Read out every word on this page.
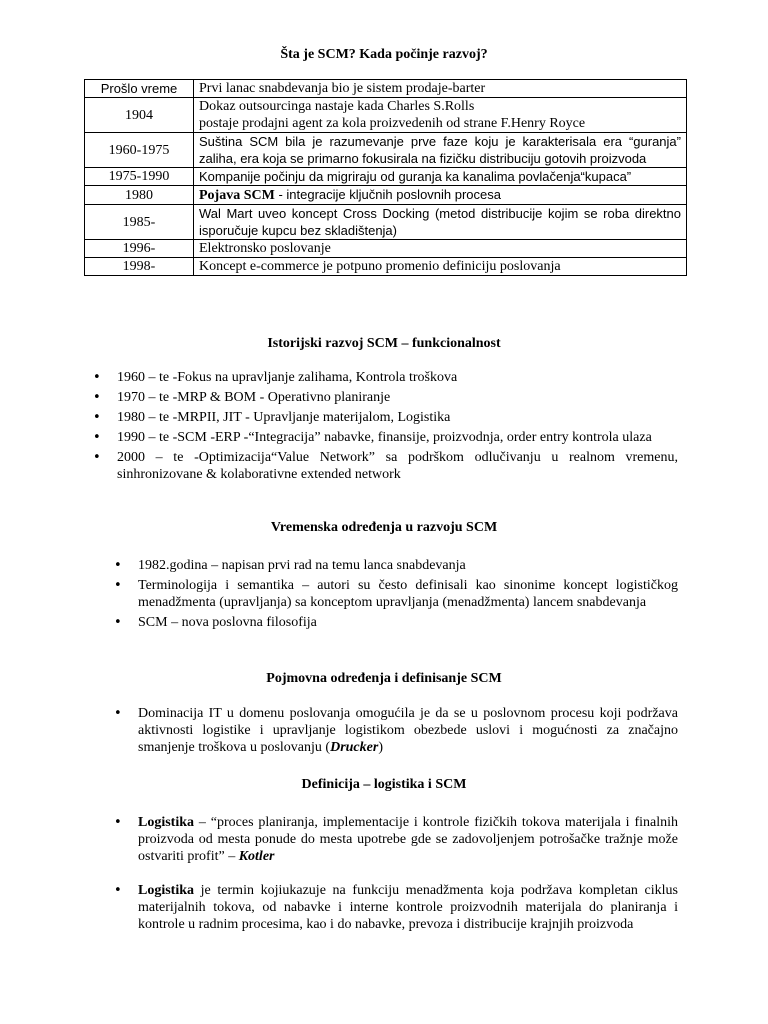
Šta je SCM? Kada počinje razvoj?
Prošlo vreme	Prvi lanac snabdevanja bio je sistem prodaje-barter
1904	Dokaz outsourcinga nastaje kada Charles S.Rolls
postaje prodajni agent za kola proizvedenih od strane F.Henry Royce

1960-1975	Suština SCM bila je razumevanje prve faze koju je karakterisala era “guranja” zaliha, era koja se primarno fokusirala na fizičku distribuciju gotovih proizvoda
1975-1990	Kompanije počinju da migriraju od guranja ka kanalima povlačenja“kupaca”
1980	Pojava SCM - integracije ključnih poslovnih procesa
1985-	Wal Mart uveo koncept Cross Docking (metod distribucije kojim se roba direktno isporučuje kupcu bez skladištenja)
1996-	Elektronsko poslovanje
1998-	Koncept e-commerce je potpuno promenio definiciju poslovanja
Istorijski razvoj SCM – funkcionalnost
• 1960 – te -Fokus na upravljanje zalihama, Kontrola troškova
• 1970 – te -MRP & BOM - Operativno planiranje
• 1980 – te -MRPII, JIT - Upravljanje materijalom, Logistika
• 1990 – te -SCM -ERP -“Integracija” nabavke, finansije, proizvodnja, order entry kontrola ulaza
• 2000 – te -Optimizacija“Value Network” sa podrškom odlučivanju u realnom vremenu, sinhronizovane & kolaborativne extended network
Vremenska određenja u razvoju SCM
• 1982.godina – napisan prvi rad na temu lanca snabdevanja
• Terminologija i semantika – autori su često definisali kao sinonime koncept logističkog menadžmenta (upravljanja) sa konceptom upravljanja (menadžmenta) lancem snabdevanja
• SCM – nova poslovna filosofija
Pojmovna određenja i definisanje SCM
• Dominacija IT u domenu poslovanja omogućila je da se u poslovnom procesu koji podržava aktivnosti logistike i upravljanje logistikom obezbede uslovi i mogućnosti za značajno smanjenje troškova u poslovanju (Drucker)
Definicija – logistika i SCM
• Logistika – “proces planiranja, implementacije i kontrole fizičkih tokova materijala i finalnih proizvoda od mesta ponude do mesta upotrebe gde se zadovoljenjem potrošačke tražnje može ostvariti profit” – Kotler
• Logistika je termin kojiukazuje na funkciju menadžmenta koja podržava kompletan ciklus materijalnih tokova, od nabavke i interne kontrole proizvodnih materijala do planiranja i kontrole u radnim procesima, kao i do nabavke, prevoza i distribucije krajnjih proizvoda
